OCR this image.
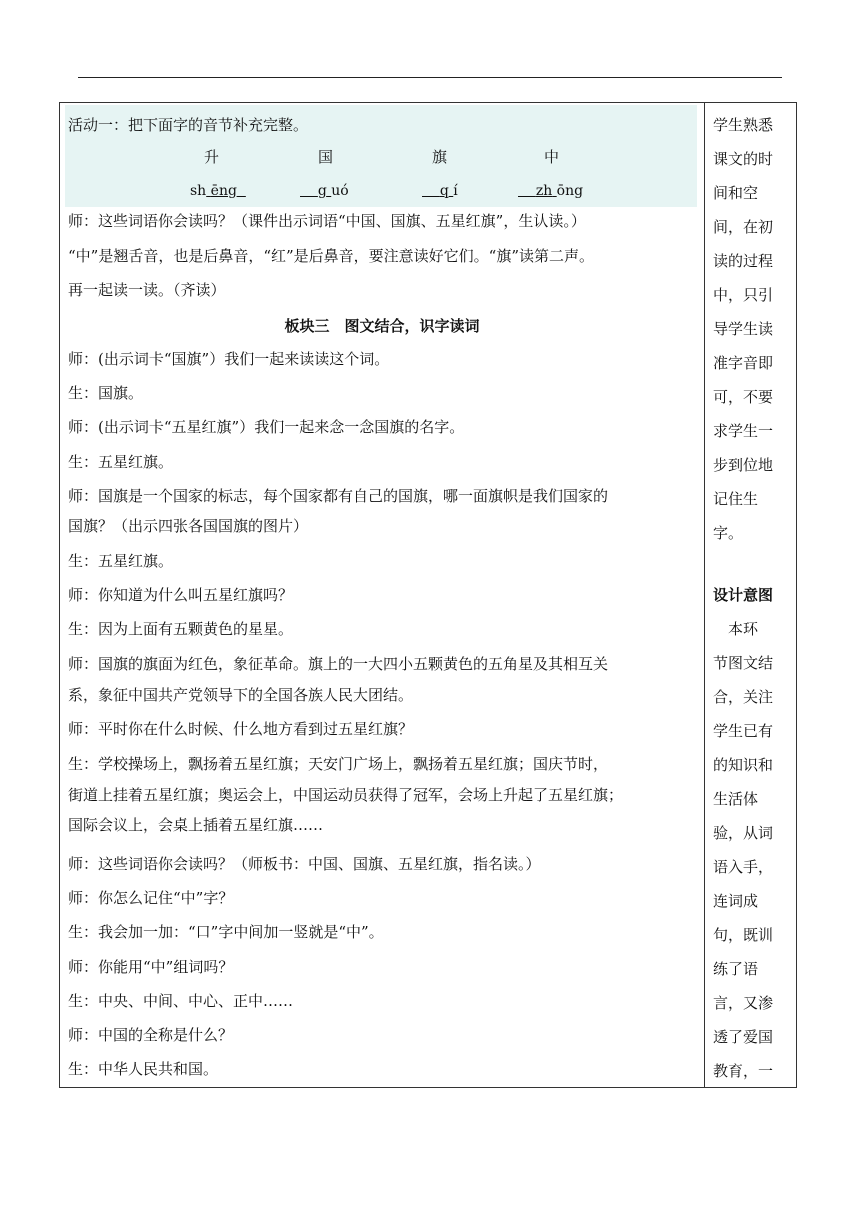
活动一：把下面字的音节补充完整。
升	国	旗	中
sh ēng	g uó	q í	zh ōng
师：这些词语你会读吗？（课件出示词语“中国、国旗、五星红旗”，生认读。）
“中”是翘舌音，也是后鼻音，“红”是后鼻音，要注意读好它们。“旗”读第二声。
再一起读一读。（齐读）
板块三　图文结合，识字读词
师：(出示词卡“国旗”）我们一起来读读这个词。
生：国旗。
师：(出示词卡“五星红旗”）我们一起来念一念国旗的名字。
生：五星红旗。
师：国旗是一个国家的标志，每个国家都有自己的国旗，哪一面旗帜是我们国家的
国旗？（出示四张各国国旗的图片）
生：五星红旗。
师：你知道为什么叫五星红旗吗？
生：因为上面有五颗黄色的星星。
师：国旗的旗面为红色，象征革命。旗上的一大四小五颗黄色的五角星及其相互关
系，象征中国共产党领导下的全国各族人民大团结。
师：平时你在什么时候、什么地方看到过五星红旗？
生：学校操场上，飘扬着五星红旗；天安门广场上，飘扬着五星红旗；国庆节时，
街道上挂着五星红旗；奥运会上，中国运动员获得了冠军，会场上升起了五星红旗；
国际会议上，会桌上插着五星红旗……
师：这些词语你会读吗？（师板书：中国、国旗、五星红旗，指名读。）
师：你怎么记住“中”字？
生：我会加一加：“口”字中间加一竖就是“中”。
师：你能用“中”组词吗？
生：中央、中间、中心、正中……
师：中国的全称是什么？
生：中华人民共和国。
学生熟悉
课文的时
间和空
间，在初
读的过程
中，只引
导学生读
准字音即
可，不要
求学生一
步到位地
记住生
字。
设计意图
　本环
节图文结
合，关注
学生已有
的知识和
生活体
验，从词
语入手，
连词成
句，既训
练了语
言，又渗
透了爱国
教育，一
